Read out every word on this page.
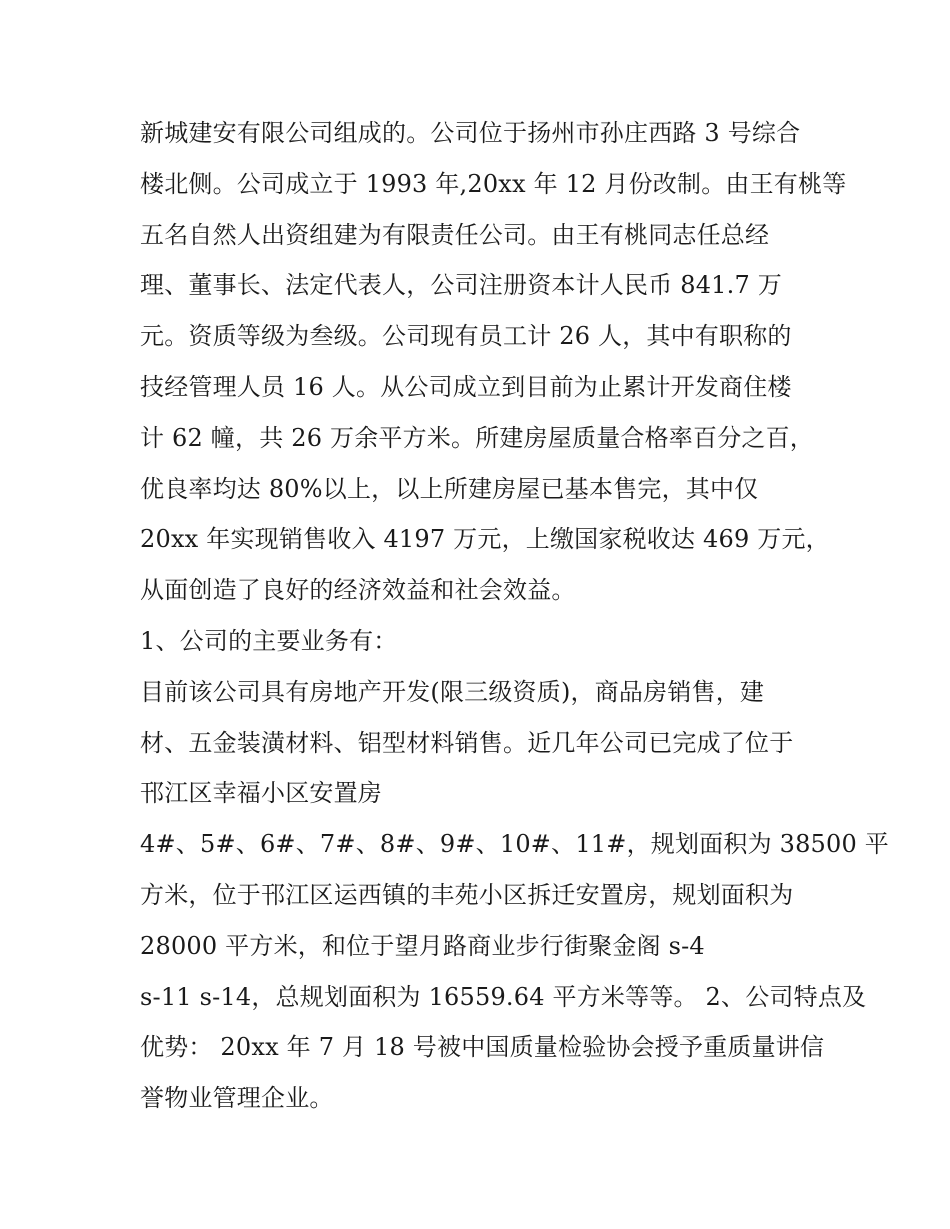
新城建安有限公司组成的。公司位于扬州市孙庄西路 3 号综合
楼北侧。公司成立于 1993 年,20xx 年 12 月份改制。由王有桃等
五名自然人出资组建为有限责任公司。由王有桃同志任总经
理、董事长、法定代表人，公司注册资本计人民币 841.7 万
元。资质等级为叁级。公司现有员工计 26 人，其中有职称的
技经管理人员 16 人。从公司成立到目前为止累计开发商住楼
计 62 幢，共 26 万余平方米。所建房屋质量合格率百分之百，
优良率均达 80%以上，以上所建房屋已基本售完，其中仅
20xx 年实现销售收入 4197 万元，上缴国家税收达 469 万元，
从面创造了良好的经济效益和社会效益。
1、公司的主要业务有：
目前该公司具有房地产开发(限三级资质)，商品房销售，建
材、五金装潢材料、铝型材料销售。近几年公司已完成了位于
邗江区幸福小区安置房
4#、5#、6#、7#、8#、9#、10#、11#，规划面积为 38500 平
方米，位于邗江区运西镇的丰苑小区拆迁安置房，规划面积为
28000 平方米，和位于望月路商业步行街聚金阁 s-4
s-11 s-14，总规划面积为 16559.64 平方米等等。 2、公司特点及
优势： 20xx 年 7 月 18 号被中国质量检验协会授予重质量讲信
誉物业管理企业。
